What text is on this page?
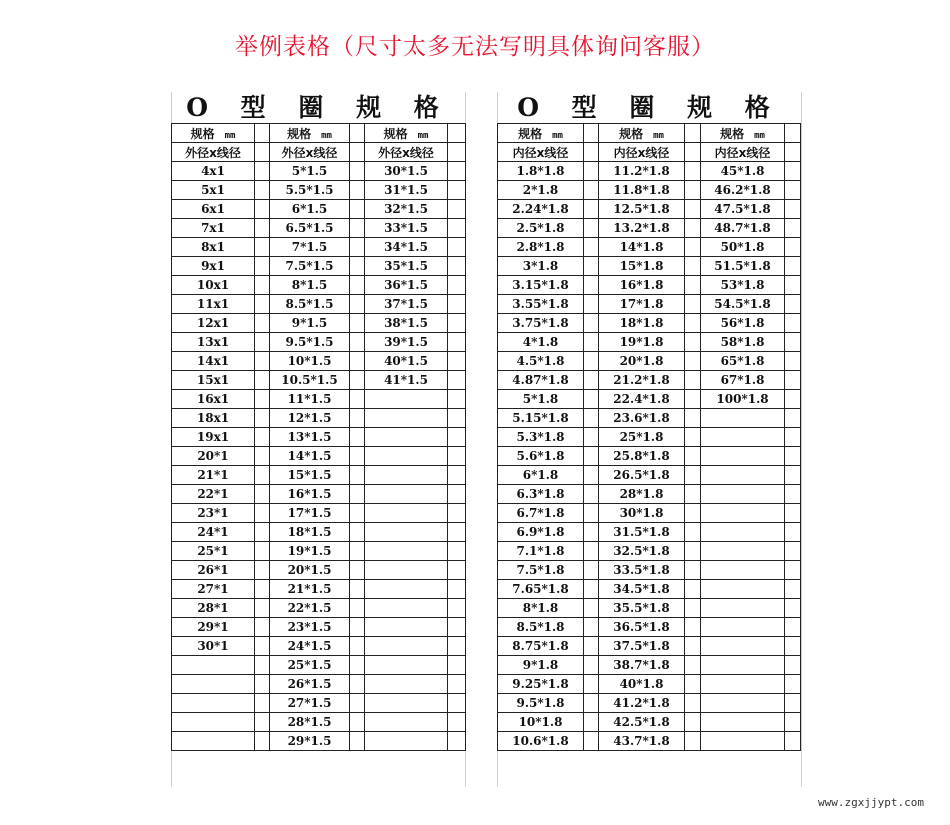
举例表格（尺寸太多无法写明具体询问客服）
O 型 圈 规 格
规格 mm		规格 mm		规格 mm	
外径x线径		外径x线径		外径x线径	
4x1		5*1.5		30*1.5	
5x1		5.5*1.5		31*1.5	
6x1		6*1.5		32*1.5	
7x1		6.5*1.5		33*1.5	
8x1		7*1.5		34*1.5	
9x1		7.5*1.5		35*1.5	
10x1		8*1.5		36*1.5	
11x1		8.5*1.5		37*1.5	
12x1		9*1.5		38*1.5	
13x1		9.5*1.5		39*1.5	
14x1		10*1.5		40*1.5	
15x1		10.5*1.5		41*1.5	
16x1		11*1.5			
18x1		12*1.5			
19x1		13*1.5			
20*1		14*1.5			
21*1		15*1.5			
22*1		16*1.5			
23*1		17*1.5			
24*1		18*1.5			
25*1		19*1.5			
26*1		20*1.5			
27*1		21*1.5			
28*1		22*1.5			
29*1		23*1.5			
30*1		24*1.5			
		25*1.5			
		26*1.5			
		27*1.5			
		28*1.5			
		29*1.5			
O 型 圈 规 格
规格 mm		规格 mm		规格 mm	
内径x线径		内径x线径		内径x线径	
1.8*1.8		11.2*1.8		45*1.8	
2*1.8		11.8*1.8		46.2*1.8	
2.24*1.8		12.5*1.8		47.5*1.8	
2.5*1.8		13.2*1.8		48.7*1.8	
2.8*1.8		14*1.8		50*1.8	
3*1.8		15*1.8		51.5*1.8	
3.15*1.8		16*1.8		53*1.8	
3.55*1.8		17*1.8		54.5*1.8	
3.75*1.8		18*1.8		56*1.8	
4*1.8		19*1.8		58*1.8	
4.5*1.8		20*1.8		65*1.8	
4.87*1.8		21.2*1.8		67*1.8	
5*1.8		22.4*1.8		100*1.8	
5.15*1.8		23.6*1.8			
5.3*1.8		25*1.8			
5.6*1.8		25.8*1.8			
6*1.8		26.5*1.8			
6.3*1.8		28*1.8			
6.7*1.8		30*1.8			
6.9*1.8		31.5*1.8			
7.1*1.8		32.5*1.8			
7.5*1.8		33.5*1.8			
7.65*1.8		34.5*1.8			
8*1.8		35.5*1.8			
8.5*1.8		36.5*1.8			
8.75*1.8		37.5*1.8			
9*1.8		38.7*1.8			
9.25*1.8		40*1.8			
9.5*1.8		41.2*1.8			
10*1.8		42.5*1.8			
10.6*1.8		43.7*1.8			
www.zgxjjypt.com
